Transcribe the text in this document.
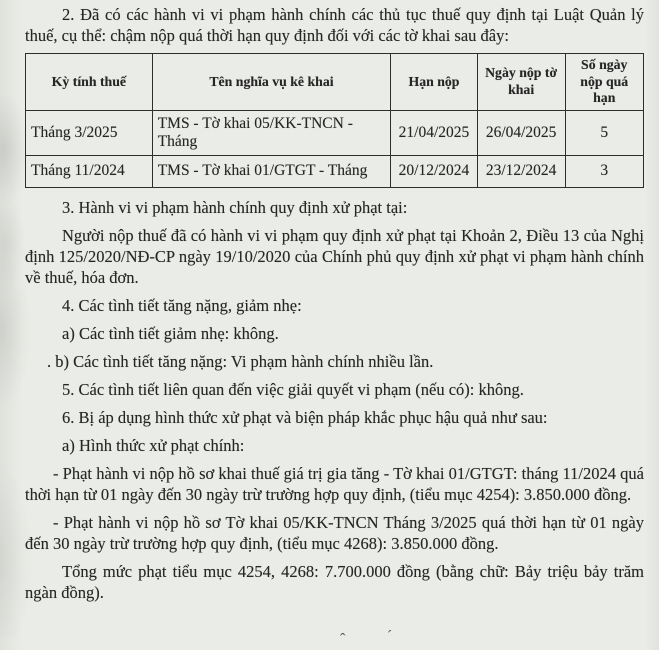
2. Đã có các hành vi vi phạm hành chính các thủ tục thuế quy định tại Luật Quản lý thuế, cụ thể: chậm nộp quá thời hạn quy định đối với các tờ khai sau đây:

Kỳ tính thuế	Tên nghĩa vụ kê khai	Hạn nộp	Ngày nộp tờ khai	Số ngày nộp quá hạn
Tháng 3/2025	TMS - Tờ khai 05/KK-TNCN - Tháng	21/04/2025	26/04/2025	5
Tháng 11/2024	TMS - Tờ khai 01/GTGT - Tháng	20/12/2024	23/12/2024	3

3. Hành vi vi phạm hành chính quy định xử phạt tại:

Người nộp thuế đã có hành vi vi phạm quy định xử phạt tại Khoản 2, Điều 13 của Nghị định 125/2020/NĐ-CP ngày 19/10/2020 của Chính phủ quy định xử phạt vi phạm hành chính về thuế, hóa đơn.

4. Các tình tiết tăng nặng, giảm nhẹ:

a) Các tình tiết giảm nhẹ: không.

. b) Các tình tiết tăng nặng: Vi phạm hành chính nhiều lần.

5. Các tình tiết liên quan đến việc giải quyết vi phạm (nếu có): không.

6. Bị áp dụng hình thức xử phạt và biện pháp khắc phục hậu quả như sau:

a) Hình thức xử phạt chính:

- Phạt hành vi nộp hồ sơ khai thuế giá trị gia tăng - Tờ khai 01/GTGT: tháng 11/2024 quá thời hạn từ 01 ngày đến 30 ngày trừ trường hợp quy định, (tiểu mục 4254): 3.850.000 đồng.

- Phạt hành vi nộp hồ sơ Tờ khai 05/KK-TNCN Tháng 3/2025 quá thời hạn từ 01 ngày đến 30 ngày trừ trường hợp quy định, (tiểu mục 4268): 3.850.000 đồng.

Tổng mức phạt tiểu mục 4254, 4268: 7.700.000 đồng (bằng chữ: Bảy triệu bảy trăm ngàn đồng).

ˆ ́
